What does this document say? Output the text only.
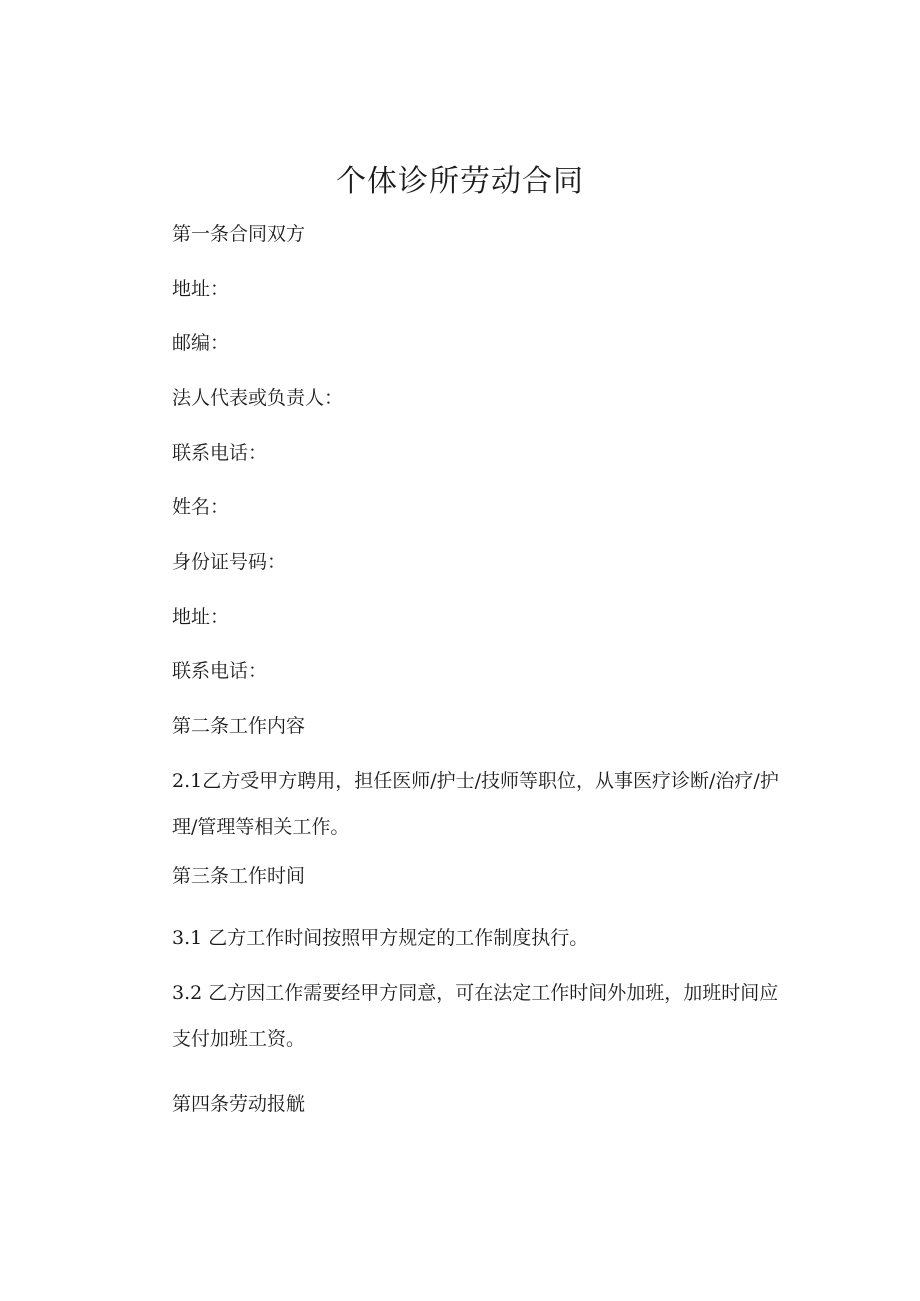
个体诊所劳动合同
第一条合同双方
地址：
邮编：
法人代表或负责人：
联系电话：
姓名：
身份证号码：
地址：
联系电话：
第二条工作内容
2.1乙方受甲方聘用，担任医师/护士/技师等职位，从事医疗诊断/治疗/护理/管理等相关工作。
第三条工作时间
3.1 乙方工作时间按照甲方规定的工作制度执行。
3.2 乙方因工作需要经甲方同意，可在法定工作时间外加班，加班时间应支付加班工资。
第四条劳动报觥
